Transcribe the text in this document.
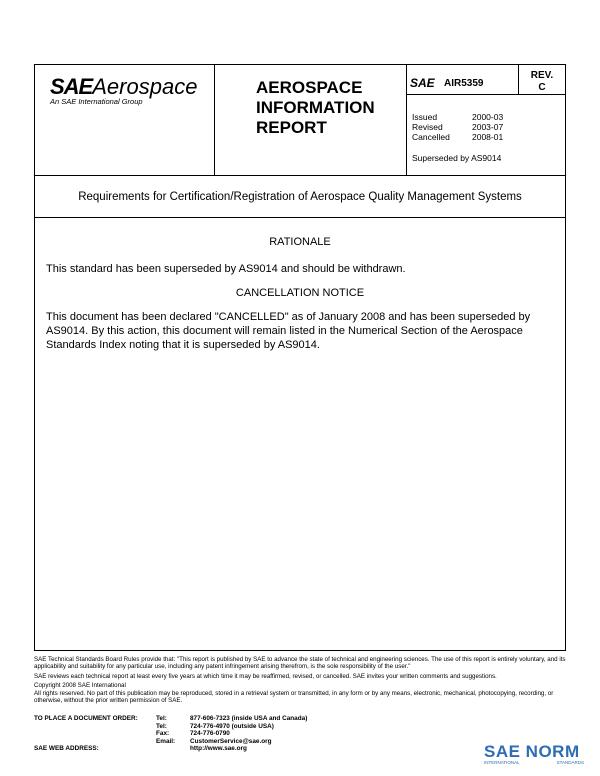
SAEAerospace
An SAE International Group
AEROSPACE
INFORMATION
REPORT
SAE AIR5359
REV.
C
Issued	2000-03
Revised	2003-07
Cancelled	2008-01
Superseded by AS9014
Requirements for Certification/Registration of Aerospace Quality Management Systems
RATIONALE
This standard has been superseded by AS9014 and should be withdrawn.
CANCELLATION NOTICE
This document has been declared "CANCELLED" as of January 2008 and has been superseded by AS9014. By this action, this document will remain listed in the Numerical Section of the Aerospace Standards Index noting that it is superseded by AS9014.

SAE Technical Standards Board Rules provide that: "This report is published by SAE to advance the state of technical and engineering sciences. The use of this report is entirely voluntary, and its applicability and suitability for any particular use, including any patent infringement arising therefrom, is the sole responsibility of the user."

SAE reviews each technical report at least every five years at which time it may be reaffirmed, revised, or cancelled. SAE invites your written comments and suggestions.

Copyright 2008 SAE International

All rights reserved. No part of this publication may be reproduced, stored in a retrieval system or transmitted, in any form or by any means, electronic, mechanical, photocopying, recording, or otherwise, without the prior written permission of SAE.

TO PLACE A DOCUMENT ORDER:	Tel:	877-606-7323 (inside USA and Canada)
Tel:	724-776-4970 (outside USA)
Fax:	724-776-0790
Email:	CustomerService@sae.org
SAE WEB ADDRESS:	http://www.sae.org	SAE NORM
INTERNATIONAL	STANDARDS
